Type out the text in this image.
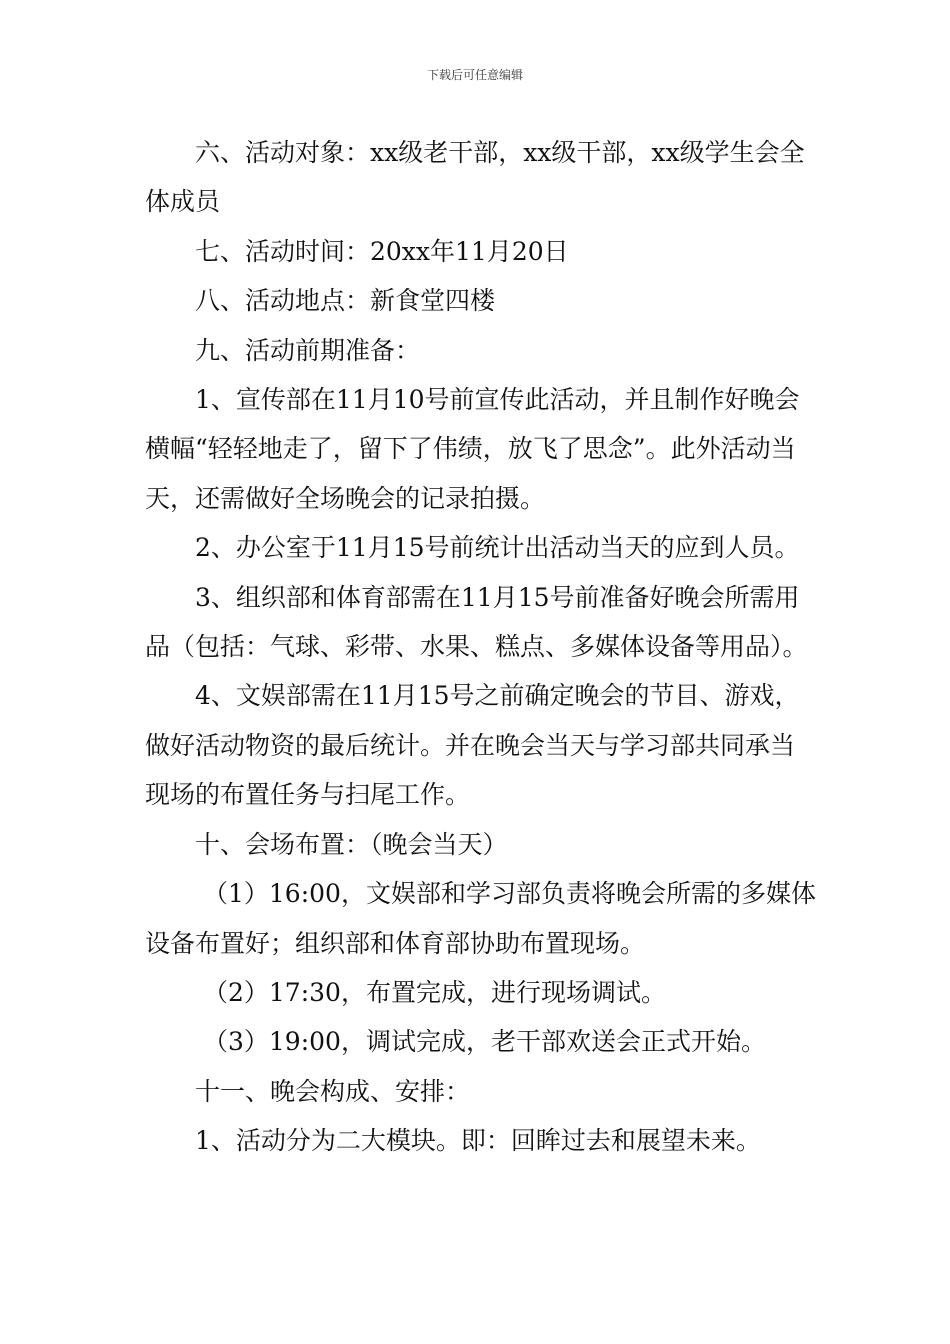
下载后可任意编辑

六、活动对象：xx级老干部，xx级干部，xx级学生会全体成员

七、活动时间：20xx年11月20日

八、活动地点：新食堂四楼

九、活动前期准备：

1、宣传部在11月10号前宣传此活动，并且制作好晚会横幅“轻轻地走了，留下了伟绩，放飞了思念”。此外活动当天，还需做好全场晚会的记录拍摄。

2、办公室于11月15号前统计出活动当天的应到人员。

3、组织部和体育部需在11月15号前准备好晚会所需用品（包括：气球、彩带、水果、糕点、多媒体设备等用品）。

4、文娱部需在11月15号之前确定晚会的节目、游戏，做好活动物资的最后统计。并在晚会当天与学习部共同承当现场的布置任务与扫尾工作。

十、会场布置：（晚会当天）

（1）16:00，文娱部和学习部负责将晚会所需的多媒体设备布置好；组织部和体育部协助布置现场。

（2）17:30，布置完成，进行现场调试。

（3）19:00，调试完成，老干部欢送会正式开始。

十一、晚会构成、安排：

1、活动分为二大模块。即：回眸过去和展望未来。
